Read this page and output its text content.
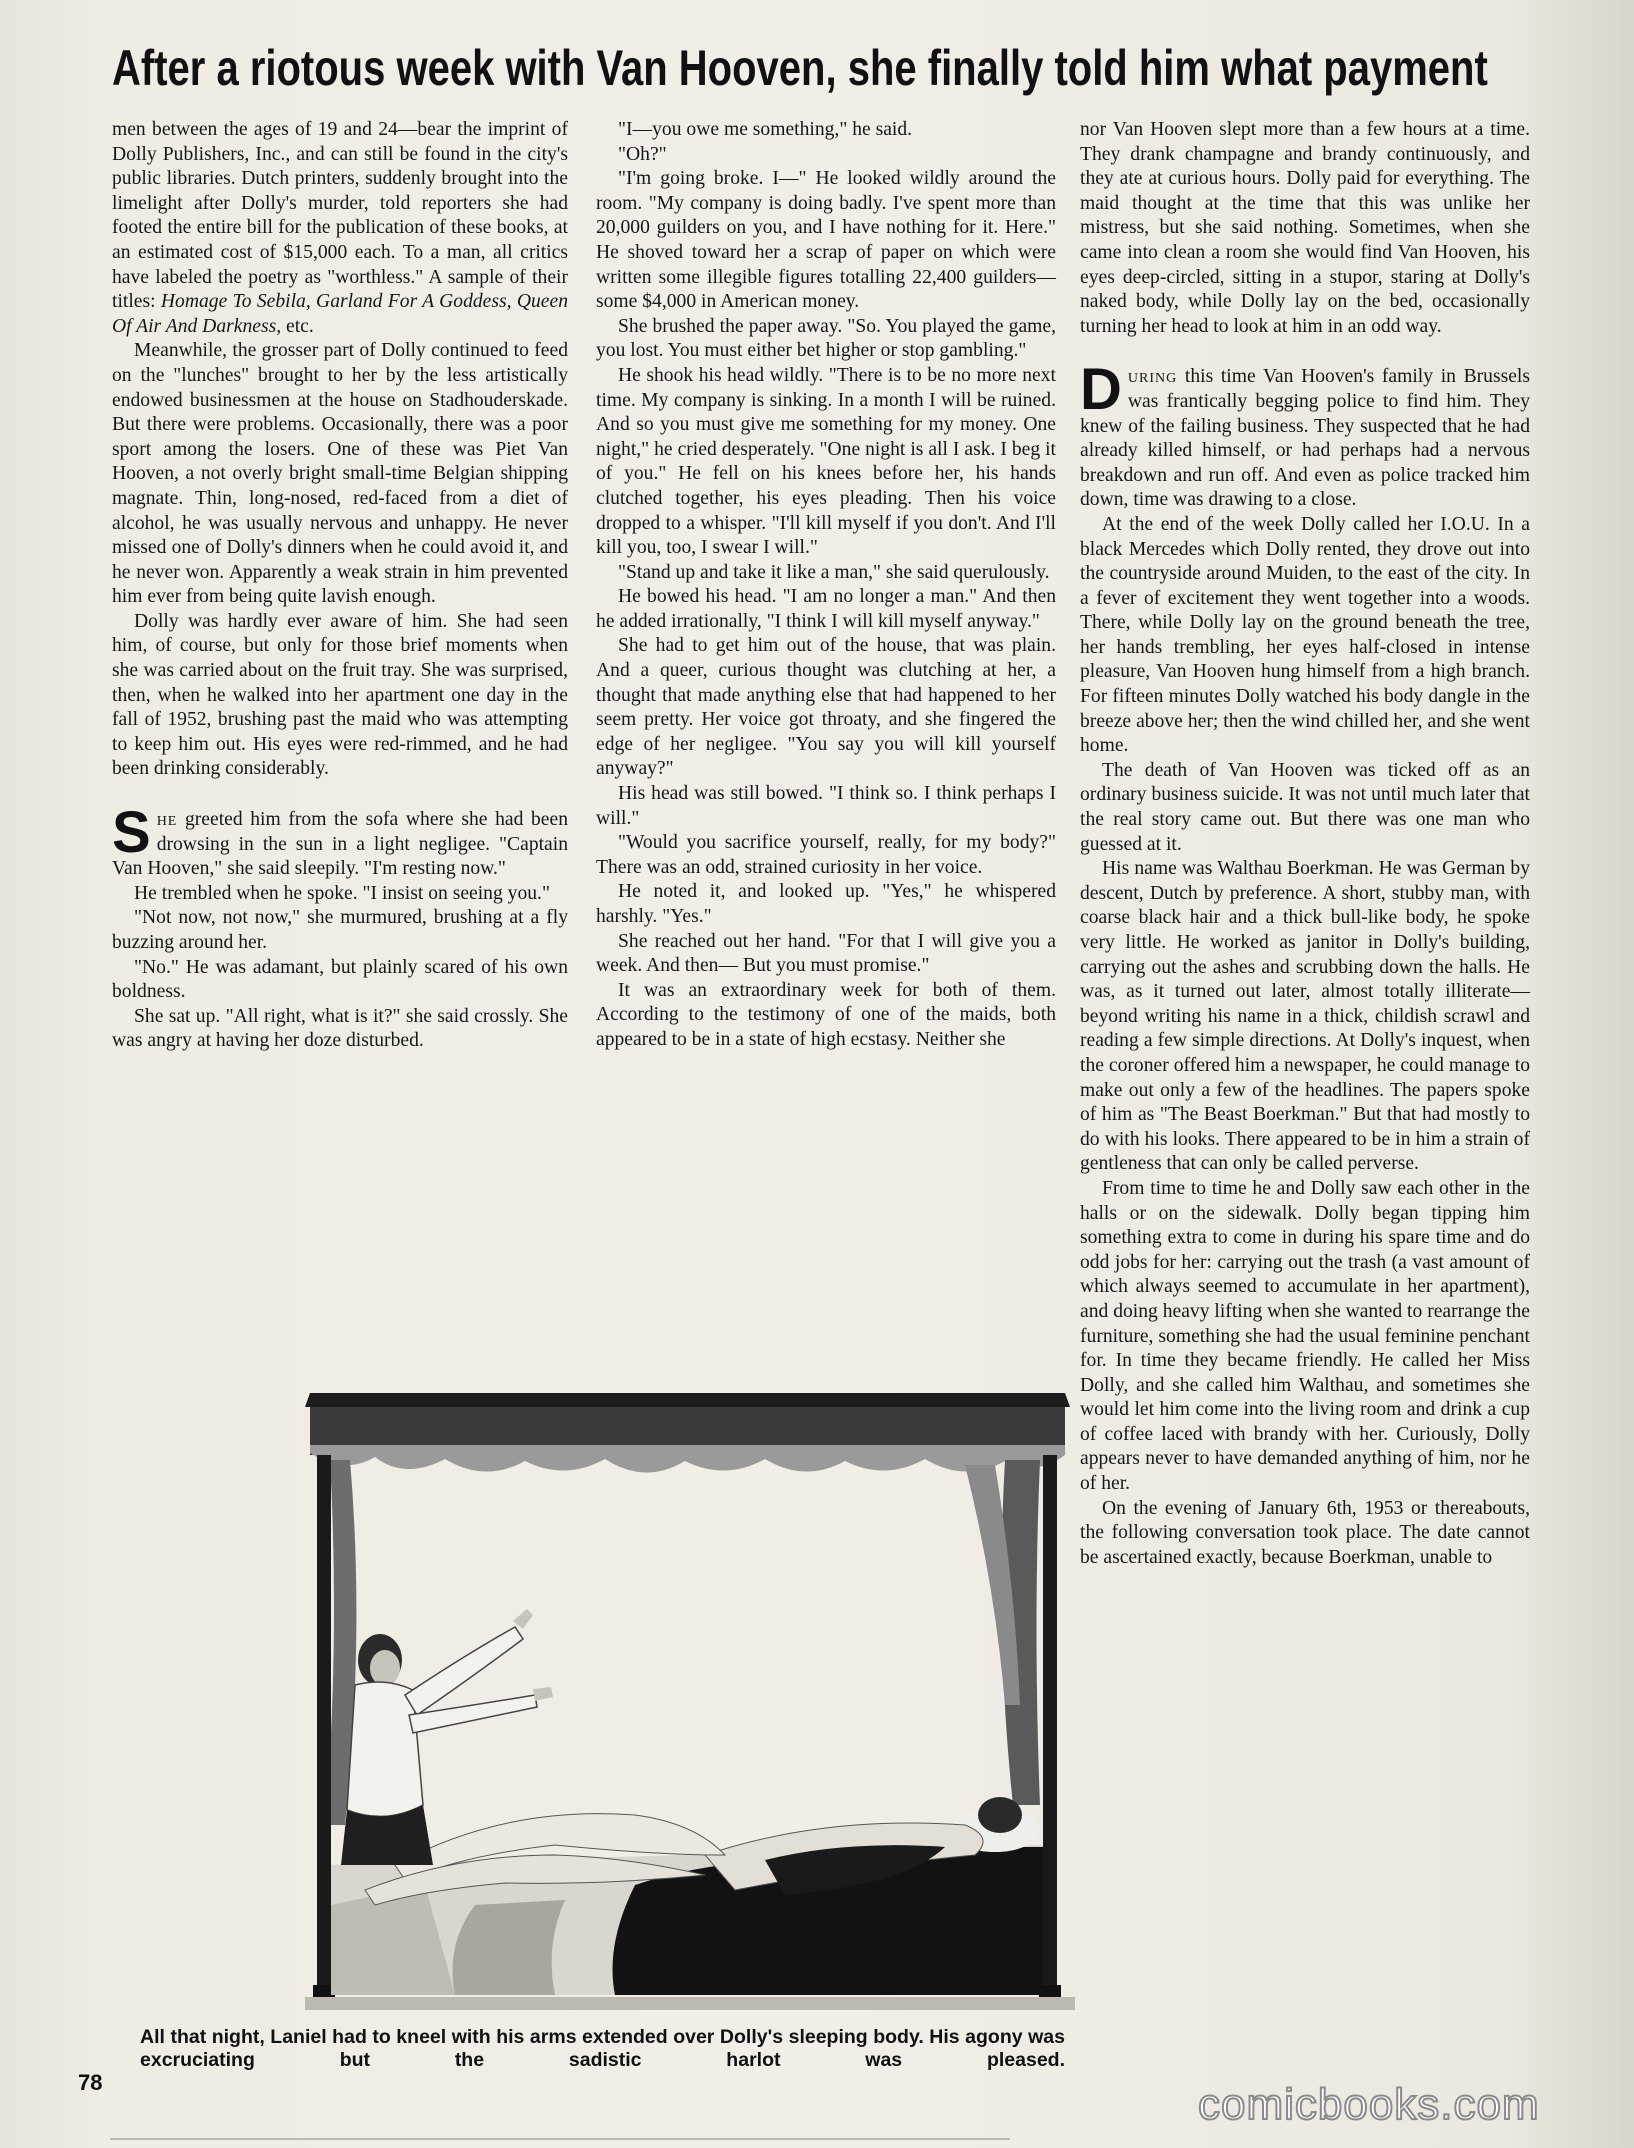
After a riotous week with Van Hooven, she finally told him what payment

men between the ages of 19 and 24—bear the imprint of Dolly Publishers, Inc., and can still be found in the city's public libraries. Dutch printers, suddenly brought into the limelight after Dolly's murder, told reporters she had footed the entire bill for the publication of these books, at an estimated cost of $15,000 each. To a man, all critics have labeled the poetry as "worthless." A sample of their titles: Homage To Sebila, Garland For A Goddess, Queen Of Air And Darkness, etc.

Meanwhile, the grosser part of Dolly continued to feed on the "lunches" brought to her by the less artistically endowed businessmen at the house on Stadhouderskade. But there were problems. Occasionally, there was a poor sport among the losers. One of these was Piet Van Hooven, a not overly bright small-time Belgian shipping magnate. Thin, long-nosed, red-faced from a diet of alcohol, he was usually nervous and unhappy. He never missed one of Dolly's dinners when he could avoid it, and he never won. Apparently a weak strain in him prevented him ever from being quite lavish enough.

Dolly was hardly ever aware of him. She had seen him, of course, but only for those brief moments when she was carried about on the fruit tray. She was surprised, then, when he walked into her apartment one day in the fall of 1952, brushing past the maid who was attempting to keep him out. His eyes were red-rimmed, and he had been drinking considerably.

She greeted him from the sofa where she had been drowsing in the sun in a light negligee. "Captain Van Hooven," she said sleepily. "I'm resting now."

He trembled when he spoke. "I insist on seeing you."

"Not now, not now," she murmured, brushing at a fly buzzing around her.

"No." He was adamant, but plainly scared of his own boldness.

She sat up. "All right, what is it?" she said crossly. She was angry at having her doze disturbed.

"I—you owe me something," he said.

"Oh?"

"I'm going broke. I—" He looked wildly around the room. "My company is doing badly. I've spent more than 20,000 guilders on you, and I have nothing for it. Here." He shoved toward her a scrap of paper on which were written some illegible figures totalling 22,400 guilders—some $4,000 in American money.

She brushed the paper away. "So. You played the game, you lost. You must either bet higher or stop gambling."

He shook his head wildly. "There is to be no more next time. My company is sinking. In a month I will be ruined. And so you must give me something for my money. One night," he cried desperately. "One night is all I ask. I beg it of you." He fell on his knees before her, his hands clutched together, his eyes pleading. Then his voice dropped to a whisper. "I'll kill myself if you don't. And I'll kill you, too, I swear I will."

"Stand up and take it like a man," she said querulously.

He bowed his head. "I am no longer a man." And then he added irrationally, "I think I will kill myself anyway."

She had to get him out of the house, that was plain. And a queer, curious thought was clutching at her, a thought that made anything else that had happened to her seem pretty. Her voice got throaty, and she fingered the edge of her negligee. "You say you will kill yourself anyway?"

His head was still bowed. "I think so. I think perhaps I will."

"Would you sacrifice yourself, really, for my body?" There was an odd, strained curiosity in her voice.

He noted it, and looked up. "Yes," he whispered harshly. "Yes."

She reached out her hand. "For that I will give you a week. And then— But you must promise."

It was an extraordinary week for both of them. According to the testimony of one of the maids, both appeared to be in a state of high ecstasy. Neither she

nor Van Hooven slept more than a few hours at a time. They drank champagne and brandy continuously, and they ate at curious hours. Dolly paid for everything. The maid thought at the time that this was unlike her mistress, but she said nothing. Sometimes, when she came into clean a room she would find Van Hooven, his eyes deep-circled, sitting in a stupor, staring at Dolly's naked body, while Dolly lay on the bed, occasionally turning her head to look at him in an odd way.

During this time Van Hooven's family in Brussels was frantically begging police to find him. They knew of the failing business. They suspected that he had already killed himself, or had perhaps had a nervous breakdown and run off. And even as police tracked him down, time was drawing to a close.

At the end of the week Dolly called her I.O.U. In a black Mercedes which Dolly rented, they drove out into the countryside around Muiden, to the east of the city. In a fever of excitement they went together into a woods. There, while Dolly lay on the ground beneath the tree, her hands trembling, her eyes half-closed in intense pleasure, Van Hooven hung himself from a high branch. For fifteen minutes Dolly watched his body dangle in the breeze above her; then the wind chilled her, and she went home.

The death of Van Hooven was ticked off as an ordinary business suicide. It was not until much later that the real story came out. But there was one man who guessed at it.

His name was Walthau Boerkman. He was German by descent, Dutch by preference. A short, stubby man, with coarse black hair and a thick bull-like body, he spoke very little. He worked as janitor in Dolly's building, carrying out the ashes and scrubbing down the halls. He was, as it turned out later, almost totally illiterate—beyond writing his name in a thick, childish scrawl and reading a few simple directions. At Dolly's inquest, when the coroner offered him a newspaper, he could manage to make out only a few of the headlines. The papers spoke of him as "The Beast Boerkman." But that had mostly to do with his looks. There appeared to be in him a strain of gentleness that can only be called perverse.

From time to time he and Dolly saw each other in the halls or on the sidewalk. Dolly began tipping him something extra to come in during his spare time and do odd jobs for her: carrying out the trash (a vast amount of which always seemed to accumulate in her apartment), and doing heavy lifting when she wanted to rearrange the furniture, something she had the usual feminine penchant for. In time they became friendly. He called her Miss Dolly, and she called him Walthau, and sometimes she would let him come into the living room and drink a cup of coffee laced with brandy with her. Curiously, Dolly appears never to have demanded anything of him, nor he of her.

On the evening of January 6th, 1953 or thereabouts, the following conversation took place. The date cannot be ascertained exactly, because Boerkman, unable to

All that night, Laniel had to kneel with his arms extended over Dolly's sleeping body. His agony was excruciating but the sadistic harlot was pleased.
78	comicbooks.com
